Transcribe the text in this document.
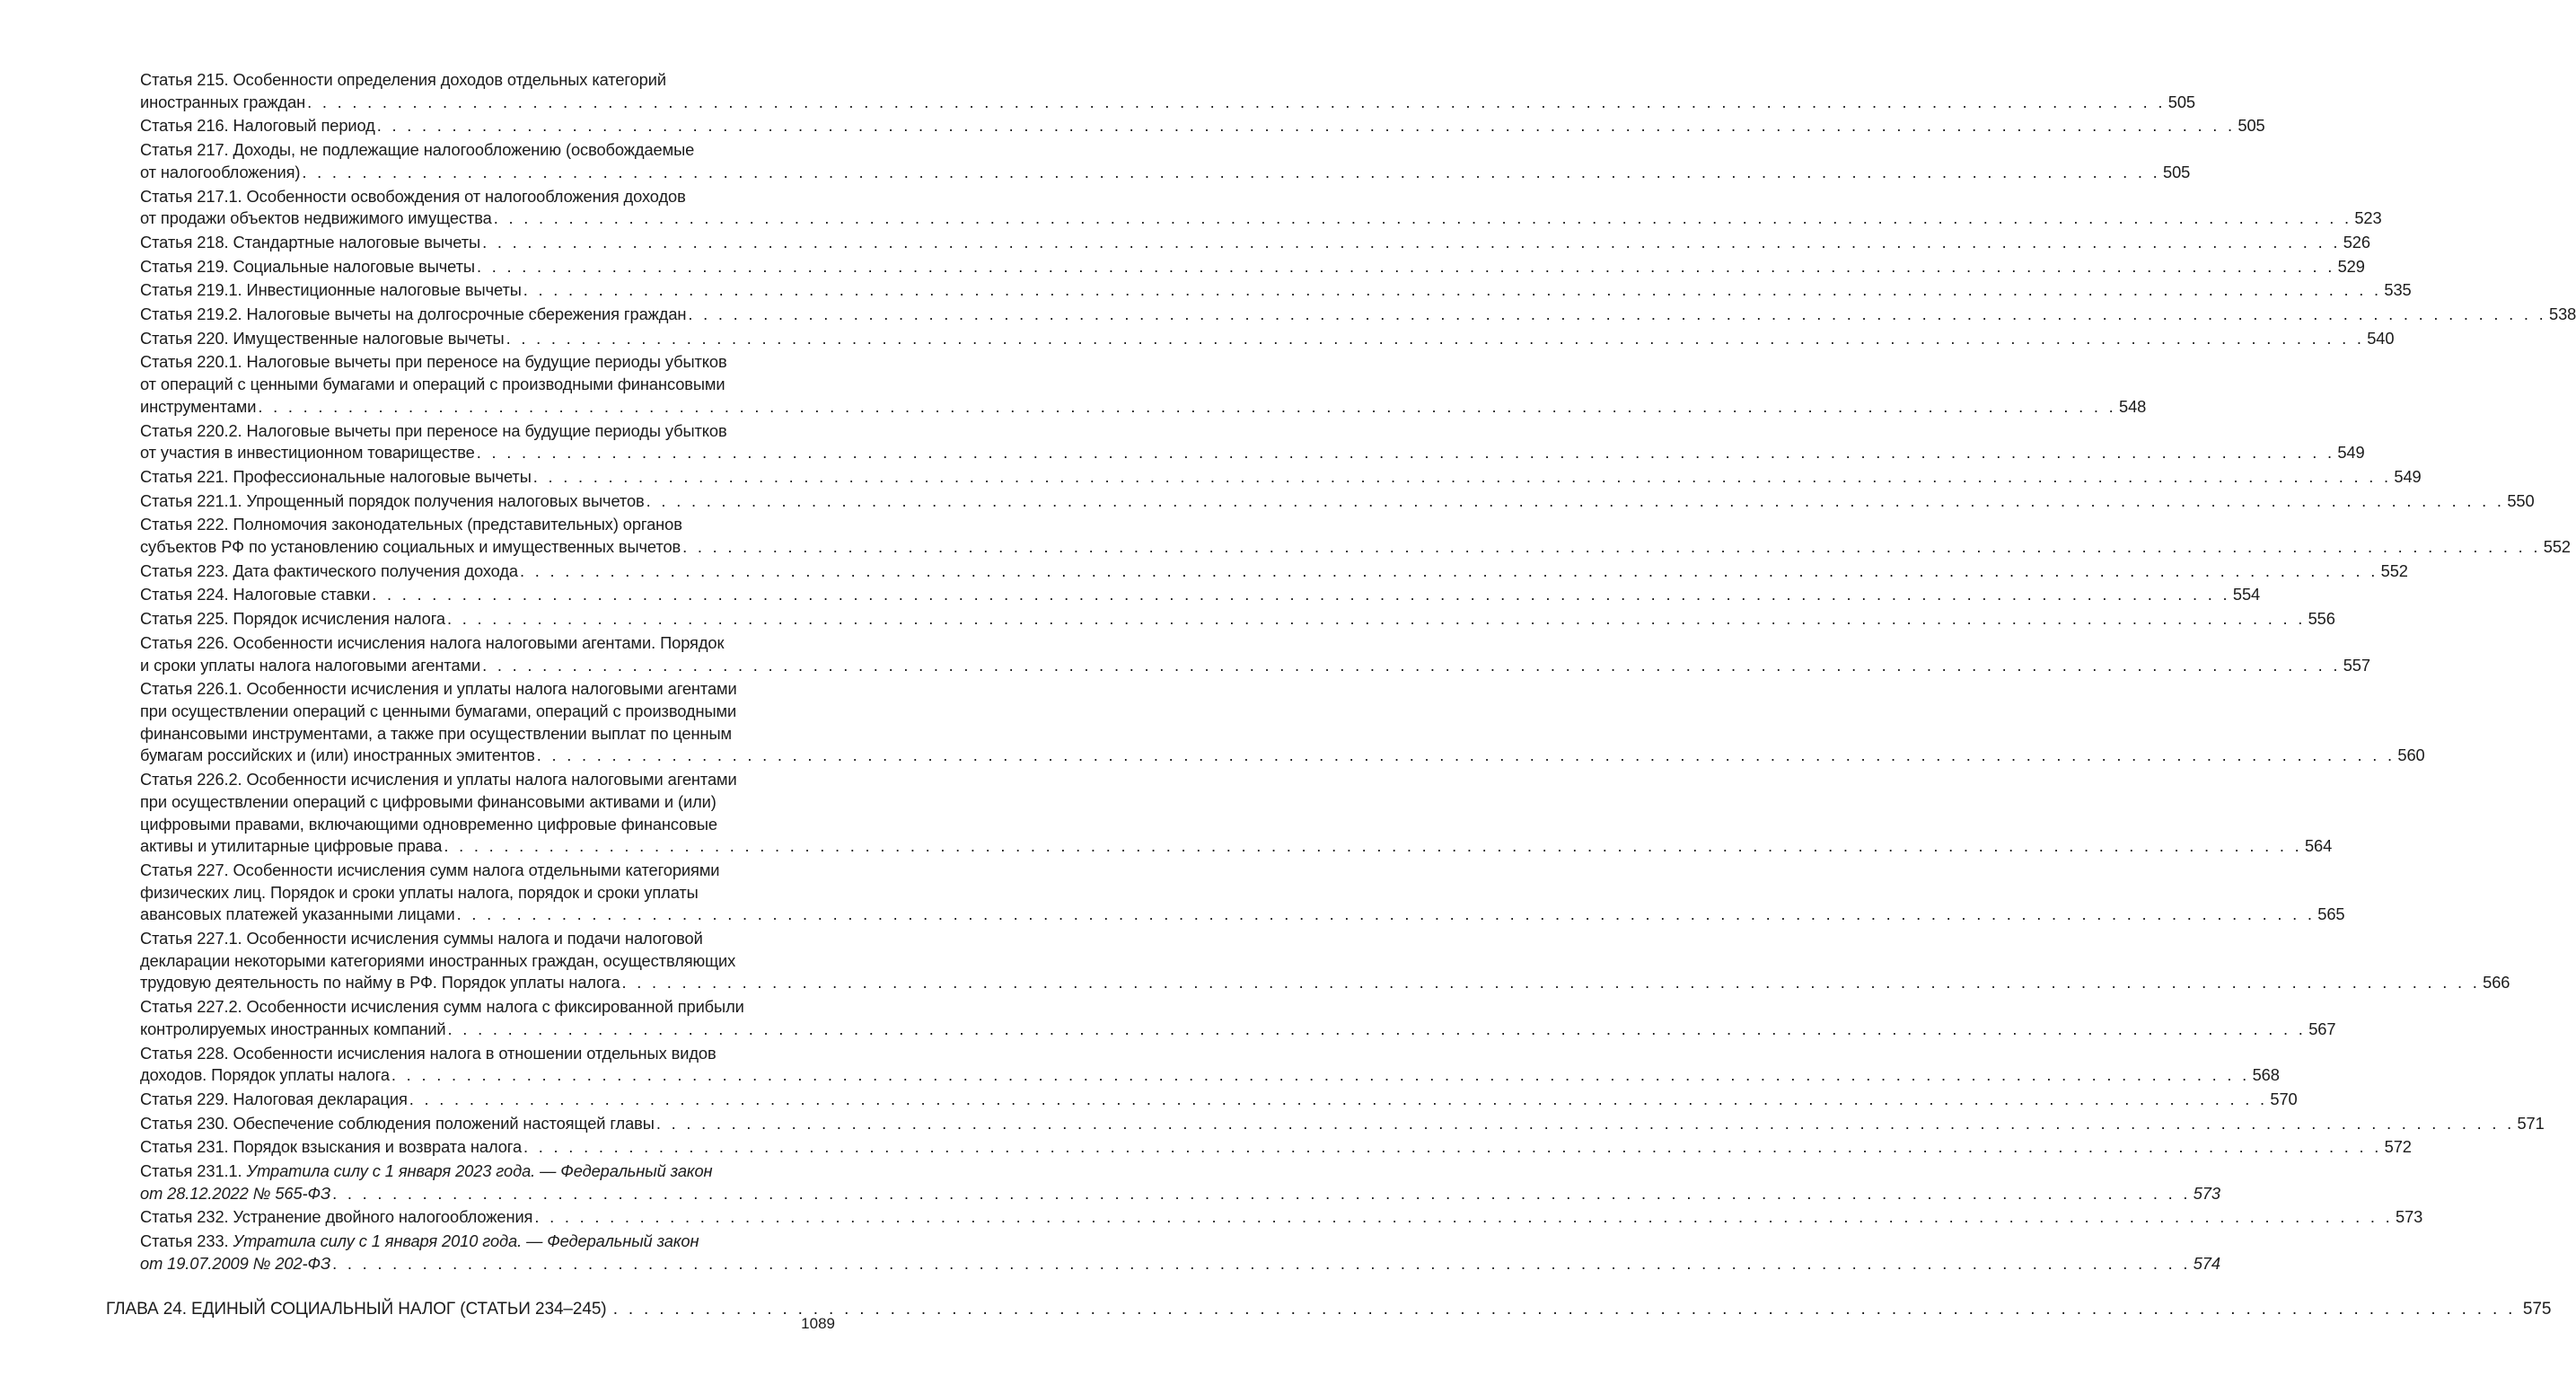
Статья 215. Особенности определения доходов отдельных категорий
иностранных граждан . . .	505
Статья 216. Налоговый период . . .	505
Статья 217. Доходы, не подлежащие налогообложению (освобождаемые
от налогообложения) . . .	505
Статья 217.1. Особенности освобождения от налогообложения доходов
от продажи объектов недвижимого имущества . . .	523
Статья 218. Стандартные налоговые вычеты . . .	526
Статья 219. Социальные налоговые вычеты . . .	529
Статья 219.1. Инвестиционные налоговые вычеты . . .	535
Статья 219.2. Налоговые вычеты на долгосрочные сбережения граждан . . .	538
Статья 220. Имущественные налоговые вычеты . . .	540
Статья 220.1. Налоговые вычеты при переносе на будущие периоды убытков
от операций с ценными бумагами и операций с производными финансовыми
инструментами . . .	548
Статья 220.2. Налоговые вычеты при переносе на будущие периоды убытков
от участия в инвестиционном товариществе . . .	549
Статья 221. Профессиональные налоговые вычеты . . .	549
Статья 221.1. Упрощенный порядок получения налоговых вычетов . . .	550
Статья 222. Полномочия законодательных (представительных) органов
субъектов РФ по установлению социальных и имущественных вычетов . . .	552
Статья 223. Дата фактического получения дохода . . .	552
Статья 224. Налоговые ставки . . .	554
Статья 225. Порядок исчисления налога . . .	556
Статья 226. Особенности исчисления налога налоговыми агентами. Порядок
и сроки уплаты налога налоговыми агентами . . .	557
Статья 226.1. Особенности исчисления и уплаты налога налоговыми агентами
при осуществлении операций с ценными бумагами, операций с производными
финансовыми инструментами, а также при осуществлении выплат по ценным
бумагам российских и (или) иностранных эмитентов . . .	560
Статья 226.2. Особенности исчисления и уплаты налога налоговыми агентами
при осуществлении операций с цифровыми финансовыми активами и (или)
цифровыми правами, включающими одновременно цифровые финансовые
активы и утилитарные цифровые права . . .	564
Статья 227. Особенности исчисления сумм налога отдельными категориями
физических лиц. Порядок и сроки уплаты налога, порядок и сроки уплаты
авансовых платежей указанными лицами . . .	565
Статья 227.1. Особенности исчисления суммы налога и подачи налоговой
декларации некоторыми категориями иностранных граждан, осуществляющих
трудовую деятельность по найму в РФ. Порядок уплаты налога . . .	566
Статья 227.2. Особенности исчисления сумм налога с фиксированной прибыли
контролируемых иностранных компаний . . .	567
Статья 228. Особенности исчисления налога в отношении отдельных видов
доходов. Порядок уплаты налога . . .	568
Статья 229. Налоговая декларация . . .	570
Статья 230. Обеспечение соблюдения положений настоящей главы . . .	571
Статья 231. Порядок взыскания и возврата налога . . .	572
Статья 231.1. Утратила силу с 1 января 2023 года. — Федеральный закон
от 28.12.2022 № 565-ФЗ . . .	573
Статья 232. Устранение двойного налогообложения . . .	573
Статья 233. Утратила силу с 1 января 2010 года. — Федеральный закон
от 19.07.2009 № 202-ФЗ . . .	574
ГЛАВА 24. ЕДИНЫЙ СОЦИАЛЬНЫЙ НАЛОГ (СТАТЬИ 234–245) . . .	575
1089
